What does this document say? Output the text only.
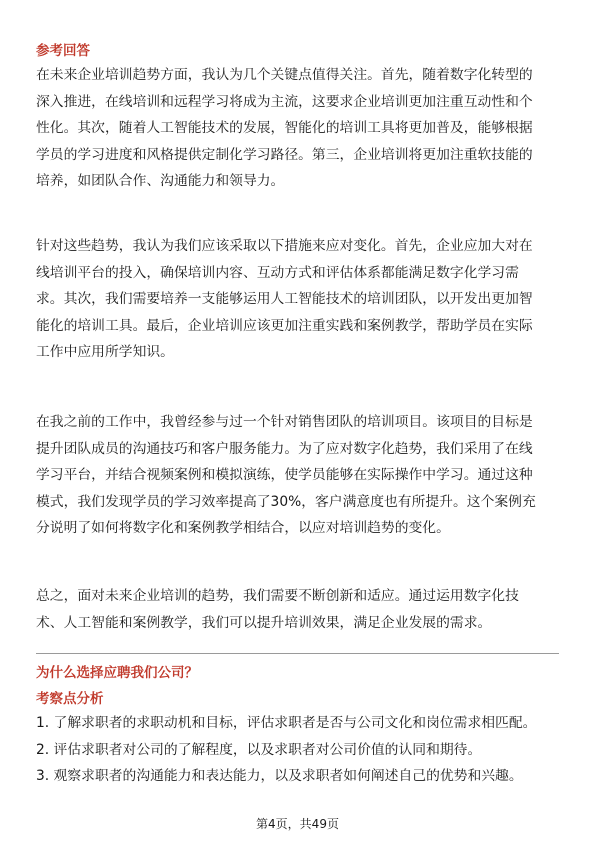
参考回答
在未来企业培训趋势方面，我认为几个关键点值得关注。首先，随着数字化转型的
深入推进，在线培训和远程学习将成为主流，这要求企业培训更加注重互动性和个
性化。其次，随着人工智能技术的发展，智能化的培训工具将更加普及，能够根据
学员的学习进度和风格提供定制化学习路径。第三，企业培训将更加注重软技能的
培养，如团队合作、沟通能力和领导力。
针对这些趋势，我认为我们应该采取以下措施来应对变化。首先，企业应加大对在
线培训平台的投入，确保培训内容、互动方式和评估体系都能满足数字化学习需
求。其次，我们需要培养一支能够运用人工智能技术的培训团队，以开发出更加智
能化的培训工具。最后，企业培训应该更加注重实践和案例教学，帮助学员在实际
工作中应用所学知识。
在我之前的工作中，我曾经参与过一个针对销售团队的培训项目。该项目的目标是
提升团队成员的沟通技巧和客户服务能力。为了应对数字化趋势，我们采用了在线
学习平台，并结合视频案例和模拟演练，使学员能够在实际操作中学习。通过这种
模式，我们发现学员的学习效率提高了30%，客户满意度也有所提升。这个案例充
分说明了如何将数字化和案例教学相结合，以应对培训趋势的变化。
总之，面对未来企业培训的趋势，我们需要不断创新和适应。通过运用数字化技
术、人工智能和案例教学，我们可以提升培训效果，满足企业发展的需求。
为什么选择应聘我们公司？
考察点分析
1. 了解求职者的求职动机和目标，评估求职者是否与公司文化和岗位需求相匹配。
2. 评估求职者对公司的了解程度，以及求职者对公司价值的认同和期待。
3. 观察求职者的沟通能力和表达能力，以及求职者如何阐述自己的优势和兴趣。
第4页，共49页
